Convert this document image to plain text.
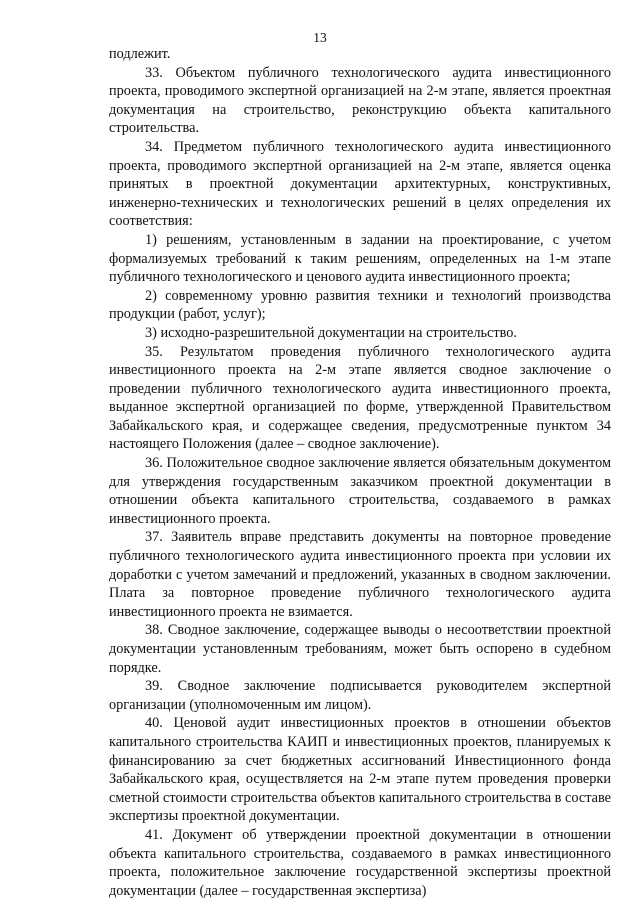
13

подлежит.

33. Объектом публичного технологического аудита инвестиционного проекта, проводимого экспертной организацией на 2-м этапе, является проектная документация на строительство, реконструкцию объекта капитального строительства.

34. Предметом публичного технологического аудита инвестиционного проекта, проводимого экспертной организацией на 2-м этапе, является оценка принятых в проектной документации архитектурных, конструктивных, инженерно-технических и технологических решений в целях определения их соответствия:

1) решениям, установленным в задании на проектирование, с учетом формализуемых требований к таким решениям, определенных на 1-м этапе публичного технологического и ценового аудита инвестиционного проекта;

2) современному уровню развития техники и технологий производства продукции (работ, услуг);

3) исходно-разрешительной документации на строительство.

35. Результатом проведения публичного технологического аудита инвестиционного проекта на 2-м этапе является сводное заключение о проведении публичного технологического аудита инвестиционного проекта, выданное экспертной организацией по форме, утвержденной Правительством Забайкальского края, и содержащее сведения, предусмотренные пунктом 34 настоящего Положения (далее – сводное заключение).

36. Положительное сводное заключение является обязательным документом для утверждения государственным заказчиком проектной документации в отношении объекта капитального строительства, создаваемого в рамках инвестиционного проекта.

37. Заявитель вправе представить документы на повторное проведение публичного технологического аудита инвестиционного проекта при условии их доработки с учетом замечаний и предложений, указанных в сводном заключении. Плата за повторное проведение публичного технологического аудита инвестиционного проекта не взимается.

38. Сводное заключение, содержащее выводы о несоответствии проектной документации установленным требованиям, может быть оспорено в судебном порядке.

39. Сводное заключение подписывается руководителем экспертной организации (уполномоченным им лицом).

40. Ценовой аудит инвестиционных проектов в отношении объектов капитального строительства КАИП и инвестиционных проектов, планируемых к финансированию за счет бюджетных ассигнований Инвестиционного фонда Забайкальского края, осуществляется на 2-м этапе путем проведения проверки сметной стоимости строительства объектов капитального строительства в составе экспертизы проектной документации.

41. Документ об утверждении проектной документации в отношении объекта капитального строительства, создаваемого в рамках инвестиционного проекта, положительное заключение государственной экспертизы проектной документации (далее – государственная экспертиза)
